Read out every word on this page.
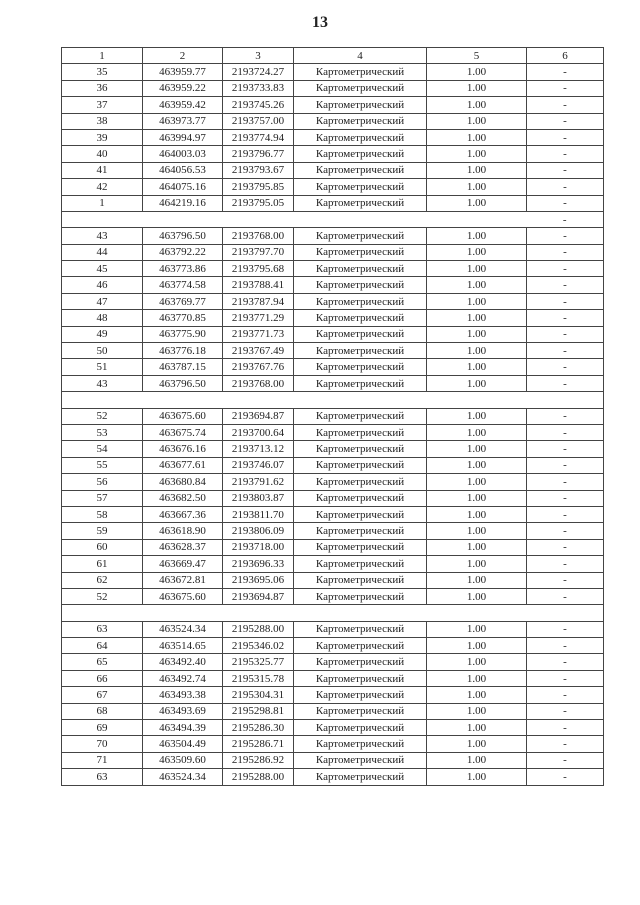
13
1	2	3	4	5	6
35	463959.77	2193724.27	Картометрический	1.00	-
36	463959.22	2193733.83	Картометрический	1.00	-
37	463959.42	2193745.26	Картометрический	1.00	-
38	463973.77	2193757.00	Картометрический	1.00	-
39	463994.97	2193774.94	Картометрический	1.00	-
40	464003.03	2193796.77	Картометрический	1.00	-
41	464056.53	2193793.67	Картометрический	1.00	-
42	464075.16	2193795.85	Картометрический	1.00	-
1	464219.16	2193795.05	Картометрический	1.00	-
					-
43	463796.50	2193768.00	Картометрический	1.00	-
44	463792.22	2193797.70	Картометрический	1.00	-
45	463773.86	2193795.68	Картометрический	1.00	-
46	463774.58	2193788.41	Картометрический	1.00	-
47	463769.77	2193787.94	Картометрический	1.00	-
48	463770.85	2193771.29	Картометрический	1.00	-
49	463775.90	2193771.73	Картометрический	1.00	-
50	463776.18	2193767.49	Картометрический	1.00	-
51	463787.15	2193767.76	Картометрический	1.00	-
43	463796.50	2193768.00	Картометрический	1.00	-

52	463675.60	2193694.87	Картометрический	1.00	-
53	463675.74	2193700.64	Картометрический	1.00	-
54	463676.16	2193713.12	Картометрический	1.00	-
55	463677.61	2193746.07	Картометрический	1.00	-
56	463680.84	2193791.62	Картометрический	1.00	-
57	463682.50	2193803.87	Картометрический	1.00	-
58	463667.36	2193811.70	Картометрический	1.00	-
59	463618.90	2193806.09	Картометрический	1.00	-
60	463628.37	2193718.00	Картометрический	1.00	-
61	463669.47	2193696.33	Картометрический	1.00	-
62	463672.81	2193695.06	Картометрический	1.00	-
52	463675.60	2193694.87	Картометрический	1.00	-

63	463524.34	2195288.00	Картометрический	1.00	-
64	463514.65	2195346.02	Картометрический	1.00	-
65	463492.40	2195325.77	Картометрический	1.00	-
66	463492.74	2195315.78	Картометрический	1.00	-
67	463493.38	2195304.31	Картометрический	1.00	-
68	463493.69	2195298.81	Картометрический	1.00	-
69	463494.39	2195286.30	Картометрический	1.00	-
70	463504.49	2195286.71	Картометрический	1.00	-
71	463509.60	2195286.92	Картометрический	1.00	-
63	463524.34	2195288.00	Картометрический	1.00	-
